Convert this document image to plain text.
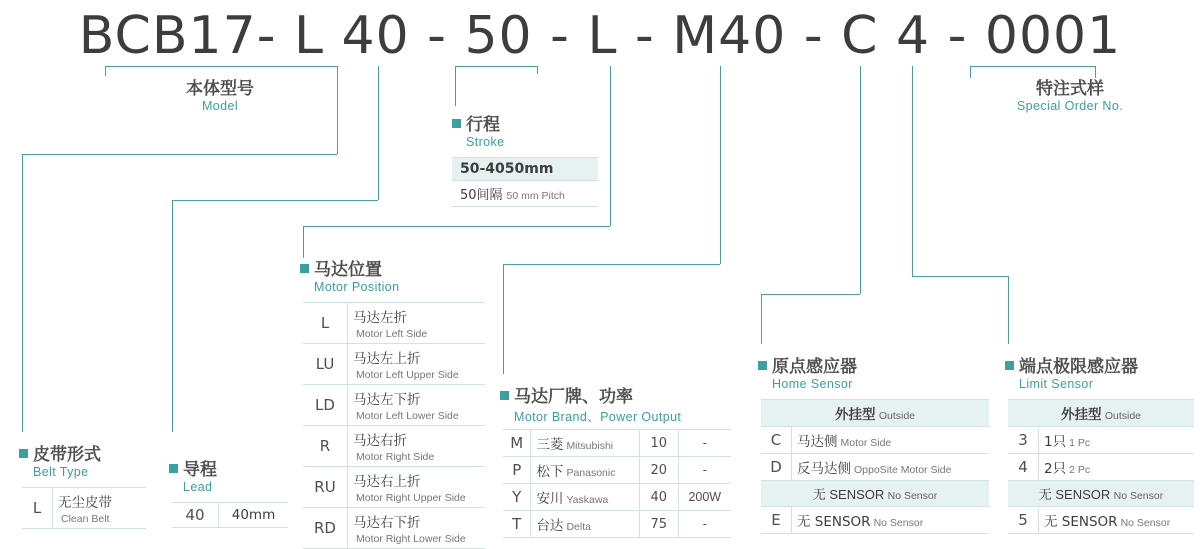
BCB17- L 40 - 50 - L - M40 - C 4 - 0001
本体型号
Model
特注式样
Special Order No.
行程
Stroke
50-4050mm
50间隔 50 mm Pitch
马达位置
Motor Position
L	马达左折
Motor Left Side
LU	马达左上折
Motor Left Upper Side
LD	马达左下折
Motor Left Lower Side
R	马达右折
Motor Right Side
RU	马达右上折
Motor Right Upper Side
RD	马达右下折
Motor Right Lower Side
马达厂牌、功率
Motor Brand、Power Output
M	三菱 Mitsubishi	10	-
P	松下 Panasonic	20	-
Y	安川 Yaskawa	40	200W
T	台达 Delta	75	-
原点感应器
Home Sensor
外挂型 Outside	
C	马达侧 Motor Side
D	反马达侧 OppoSite Motor Side
无 SENSOR No Sensor	
E	无 SENSOR No Sensor
端点极限感应器
Limit Sensor
外挂型 Outside	
3	1只 1 Pc
4	2只 2 Pc
无 SENSOR No Sensor	
5	无 SENSOR No Sensor
皮带形式
Belt Type
L	无尘皮带
Clean Belt
导程
Lead
40	40mm
